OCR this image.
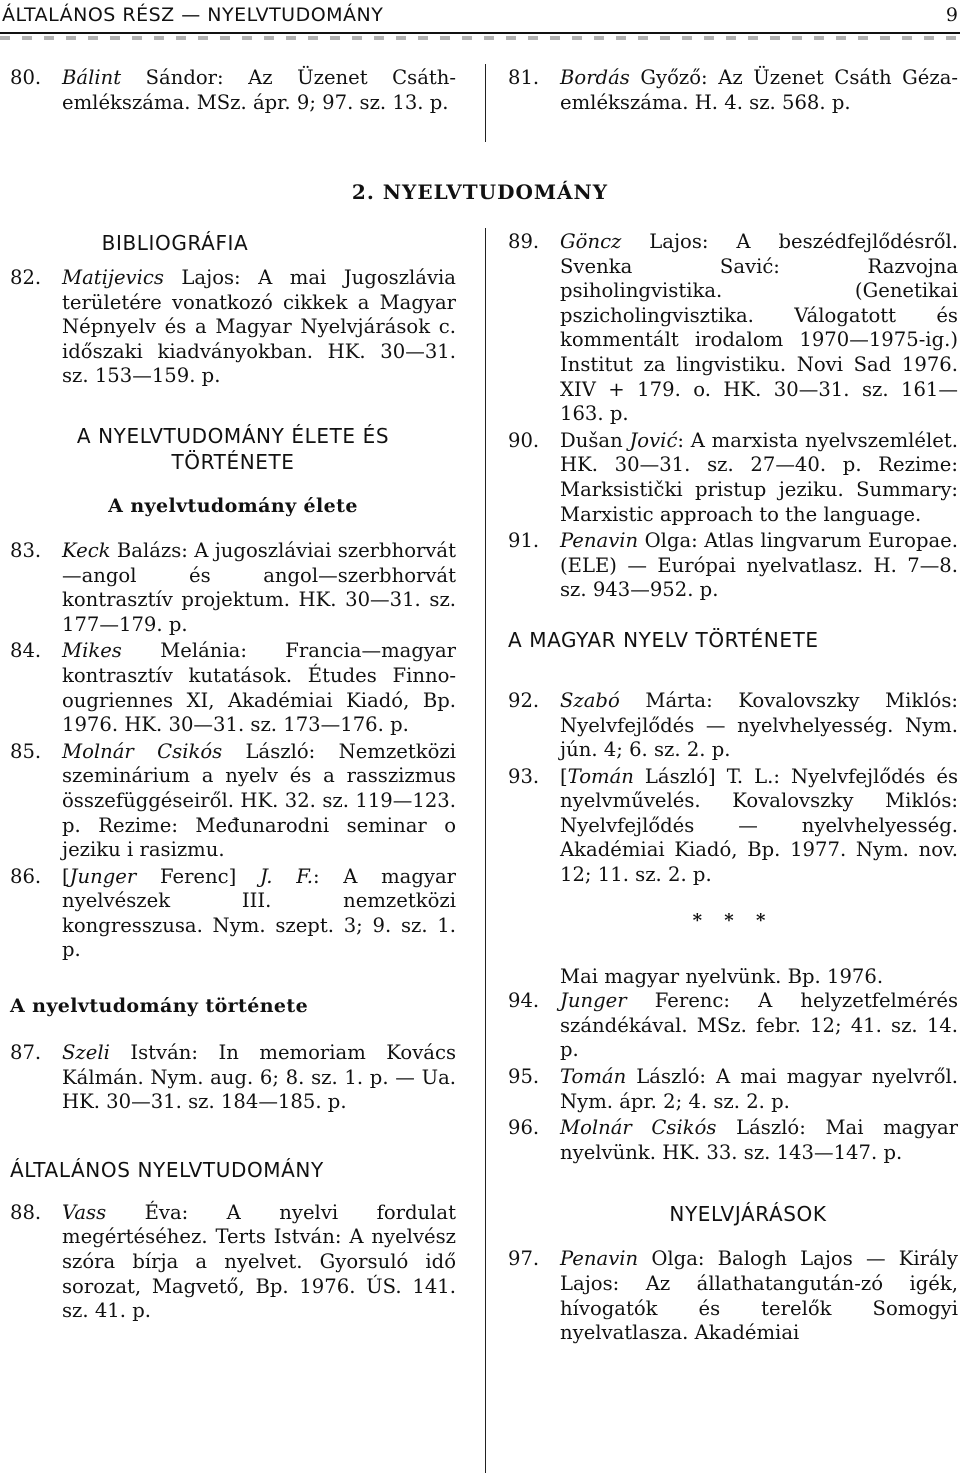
ÁLTALÁNOS RÉSZ — NYELVTUDOMÁNY	9
80.	Bálint Sándor: Az Üzenet Csáth-emlékszáma. MSz. ápr. 9; 97. sz. 13. p.
81.	Bordás Győző: Az Üzenet Csáth Géza-emlékszáma. H. 4. sz. 568. p.
2. NYELVTUDOMÁNY
BIBLIOGRÁFIA
82.	Matijevics Lajos: A mai Jugoszlávia területére vonatkozó cikkek a Magyar Népnyelv és a Magyar Nyelvjárások c. időszaki kiadványokban. HK. 30—31. sz. 153—159. p.
A NYELVTUDOMÁNY ÉLETE ÉS TÖRTÉNETE
A nyelvtudomány élete
83.	Keck Balázs: A jugoszláviai szerbhorvát—angol és angol—szerbhorvát kontrasztív projektum. HK. 30—31. sz. 177—179. p.
84.	Mikes Melánia: Francia—magyar kontrasztív kutatások. Études Finno-ougriennes XI, Akadémiai Kiadó, Bp. 1976. HK. 30—31. sz. 173—176. p.
85.	Molnár Csikós László: Nemzetközi szeminárium a nyelv és a rasszizmus összefüggéseiről. HK. 32. sz. 119—123. p. Rezime: Međunarodni seminar o jeziku i rasizmu.
86.	[Junger Ferenc] J. F.: A magyar nyelvészek III. nemzetközi kongresszusa. Nym. szept. 3; 9. sz. 1. p.
A nyelvtudomány története
87.	Szeli István: In memoriam Kovács Kálmán. Nym. aug. 6; 8. sz. 1. p. — Ua. HK. 30—31. sz. 184—185. p.
ÁLTALÁNOS NYELVTUDOMÁNY
88.	Vass Éva: A nyelvi fordulat megértéséhez. Terts István: A nyelvész szóra bírja a nyelvet. Gyorsuló idő sorozat, Magvető, Bp. 1976. ÚS. 141. sz. 41. p.
89.	Göncz Lajos: A beszédfejlődésről. Svenka Savić: Razvojna psiholingvistika. (Genetikai pszicholingvisztika. Válogatott és kommentált irodalom 1970—1975-ig.) Institut za lingvistiku. Novi Sad 1976. XIV + 179. o. HK. 30—31. sz. 161—163. p.
90.	Dušan Jović: A marxista nyelvszemlélet. HK. 30—31. sz. 27—40. p. Rezime: Marksistički pristup jeziku. Summary: Marxistic approach to the language.
91.	Penavin Olga: Atlas lingvarum Europae. (ELE) — Európai nyelvatlasz. H. 7—8. sz. 943—952. p.
A MAGYAR NYELV TÖRTÉNETE
92.	Szabó Márta: Kovalovszky Miklós: Nyelvfejlődés — nyelvhelyesség. Nym. jún. 4; 6. sz. 2. p.
93.	[Tomán László] T. L.: Nyelvfejlődés és nyelvművelés. Kovalovszky Miklós: Nyelvfejlődés — nyelvhelyesség. Akadémiai Kiadó, Bp. 1977. Nym. nov. 12; 11. sz. 2. p.
* * *
Mai magyar nyelvünk. Bp. 1976.
94.	Junger Ferenc: A helyzetfelmérés szándékával. MSz. febr. 12; 41. sz. 14. p.
95.	Tomán László: A mai magyar nyelvről. Nym. ápr. 2; 4. sz. 2. p.
96.	Molnár Csikós László: Mai magyar nyelvünk. HK. 33. sz. 143—147. p.
NYELVJÁRÁSOK
97.	Penavin Olga: Balogh Lajos — Király Lajos: Az állathatangután-zó igék, hívogatók és terelők Somogyi nyelvatlasza. Akadémiai
